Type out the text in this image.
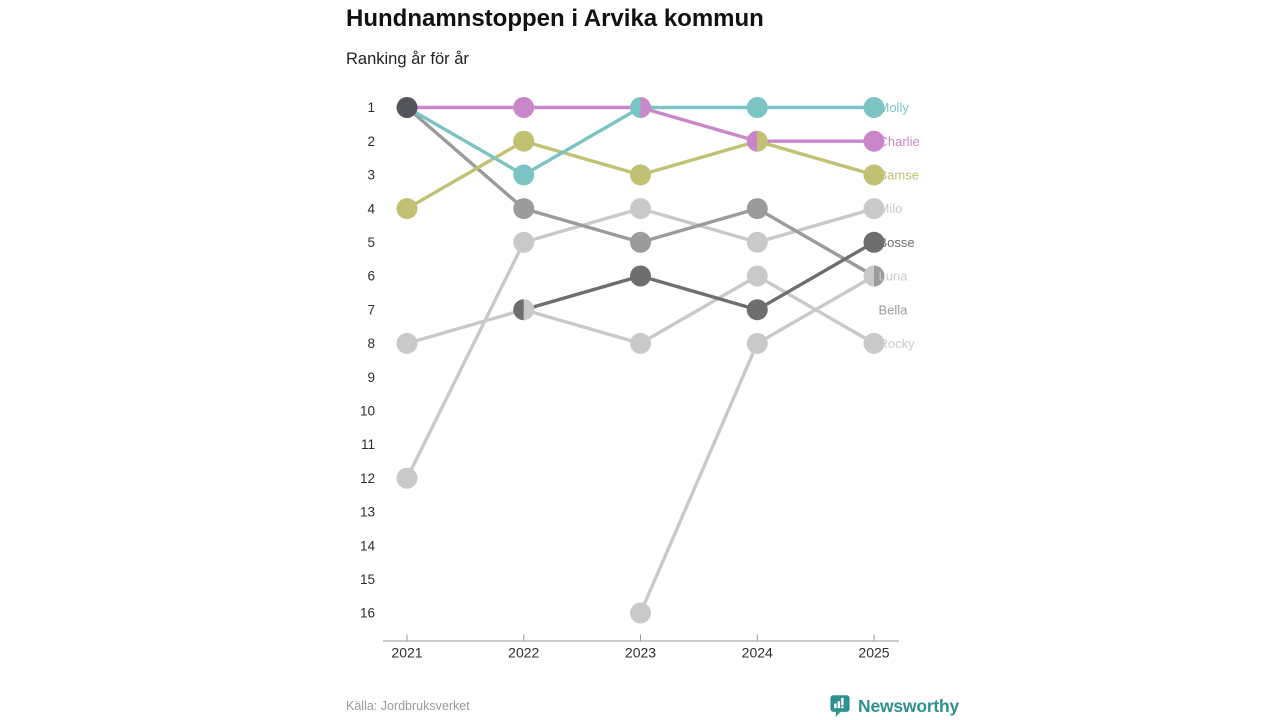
Hundnamnstoppen i Arvika kommun
Ranking år för år
1
2
3
4
5
6
7
8
9
10
11
12
13
14
15
16
2021	2022	2023	2024	2025
Molly
Charlie
Bamse
Milo
Bosse
Luna
Bella
Rocky
Källa: Jordbruksverket	Newsworthy
